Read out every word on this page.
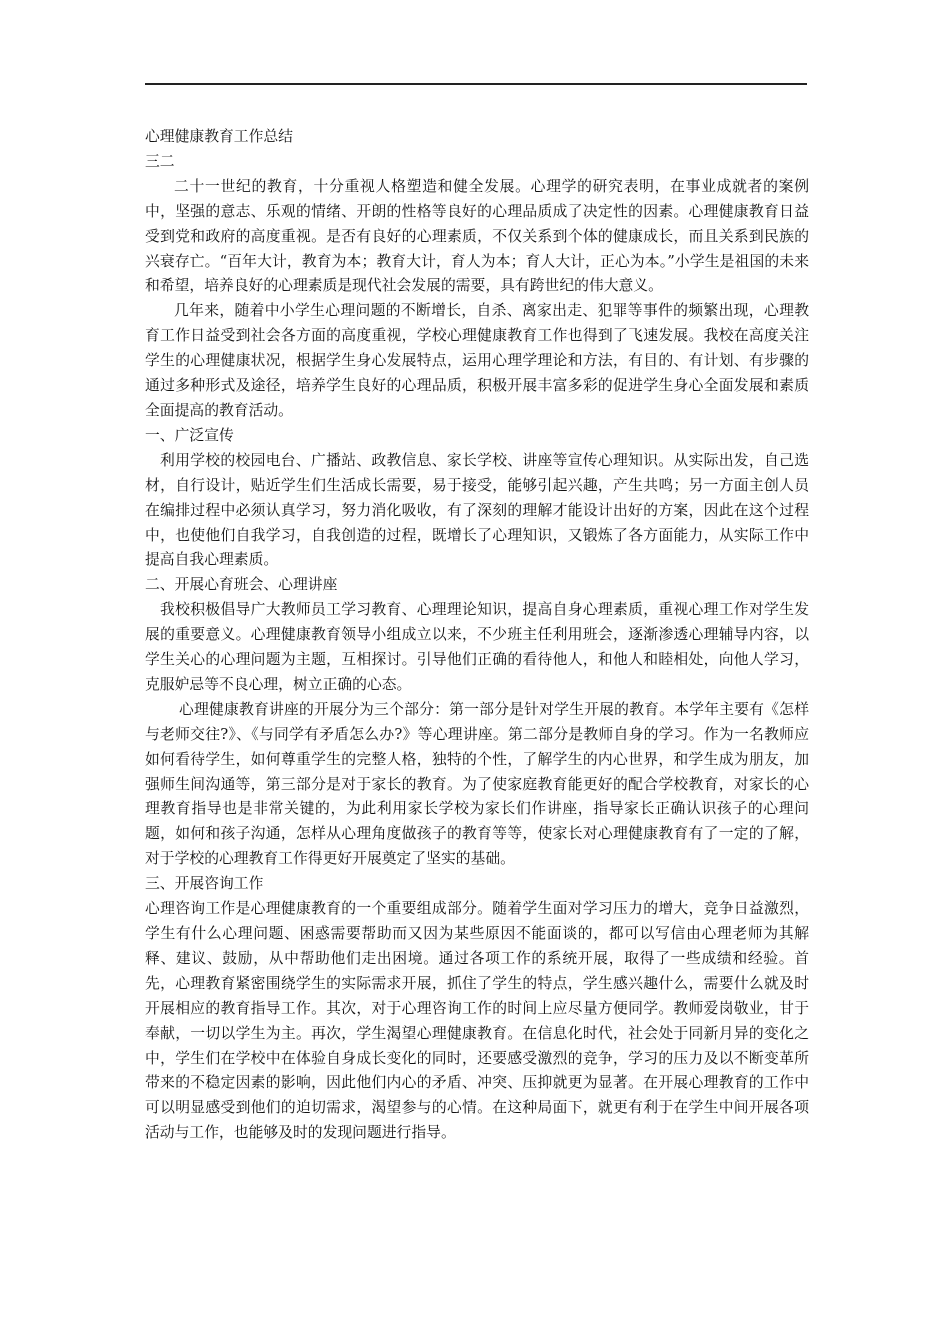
心理健康教育工作总结

三二

二十一世纪的教育，十分重视人格塑造和健全发展。心理学的研究表明，在事业成就者的案例中，坚强的意志、乐观的情绪、开朗的性格等良好的心理品质成了决定性的因素。心理健康教育日益受到党和政府的高度重视。是否有良好的心理素质，不仅关系到个体的健康成长，而且关系到民族的兴衰存亡。“百年大计，教育为本；教育大计，育人为本；育人大计，正心为本。”小学生是祖国的未来和希望，培养良好的心理素质是现代社会发展的需要，具有跨世纪的伟大意义。

几年来，随着中小学生心理问题的不断增长，自杀、离家出走、犯罪等事件的频繁出现，心理教育工作日益受到社会各方面的高度重视，学校心理健康教育工作也得到了飞速发展。我校在高度关注学生的心理健康状况，根据学生身心发展特点，运用心理学理论和方法，有目的、有计划、有步骤的通过多种形式及途径，培养学生良好的心理品质，积极开展丰富多彩的促进学生身心全面发展和素质全面提高的教育活动。

一、广泛宣传

利用学校的校园电台、广播站、政教信息、家长学校、讲座等宣传心理知识。从实际出发，自己选材，自行设计，贴近学生们生活成长需要，易于接受，能够引起兴趣，产生共鸣；另一方面主创人员在编排过程中必须认真学习，努力消化吸收，有了深刻的理解才能设计出好的方案，因此在这个过程中，也使他们自我学习，自我创造的过程，既增长了心理知识，又锻炼了各方面能力，从实际工作中提高自我心理素质。

二、开展心育班会、心理讲座

我校积极倡导广大教师员工学习教育、心理理论知识，提高自身心理素质，重视心理工作对学生发展的重要意义。心理健康教育领导小组成立以来，不少班主任利用班会，逐渐渗透心理辅导内容，以学生关心的心理问题为主题，互相探讨。引导他们正确的看待他人，和他人和睦相处，向他人学习，克服妒忌等不良心理，树立正确的心态。

心理健康教育讲座的开展分为三个部分：第一部分是针对学生开展的教育。本学年主要有《怎样与老师交往?》、《与同学有矛盾怎么办?》等心理讲座。第二部分是教师自身的学习。作为一名教师应如何看待学生，如何尊重学生的完整人格，独特的个性，了解学生的内心世界，和学生成为朋友，加强师生间沟通等，第三部分是对于家长的教育。为了使家庭教育能更好的配合学校教育，对家长的心理教育指导也是非常关键的，为此利用家长学校为家长们作讲座，指导家长正确认识孩子的心理问题，如何和孩子沟通，怎样从心理角度做孩子的教育等等，使家长对心理健康教育有了一定的了解，对于学校的心理教育工作得更好开展奠定了坚实的基础。

三、开展咨询工作

心理咨询工作是心理健康教育的一个重要组成部分。随着学生面对学习压力的增大，竞争日益激烈，学生有什么心理问题、困惑需要帮助而又因为某些原因不能面谈的，都可以写信由心理老师为其解释、建议、鼓励，从中帮助他们走出困境。通过各项工作的系统开展，取得了一些成绩和经验。首先，心理教育紧密围绕学生的实际需求开展，抓住了学生的特点，学生感兴趣什么，需要什么就及时开展相应的教育指导工作。其次，对于心理咨询工作的时间上应尽量方便同学。教师爱岗敬业，甘于奉献，一切以学生为主。再次，学生渴望心理健康教育。在信息化时代，社会处于同新月异的变化之中，学生们在学校中在体验自身成长变化的同时，还要感受激烈的竞争，学习的压力及以不断变革所带来的不稳定因素的影响，因此他们内心的矛盾、冲突、压抑就更为显著。在开展心理教育的工作中可以明显感受到他们的迫切需求，渴望参与的心情。在这种局面下，就更有利于在学生中间开展各项活动与工作，也能够及时的发现问题进行指导。
